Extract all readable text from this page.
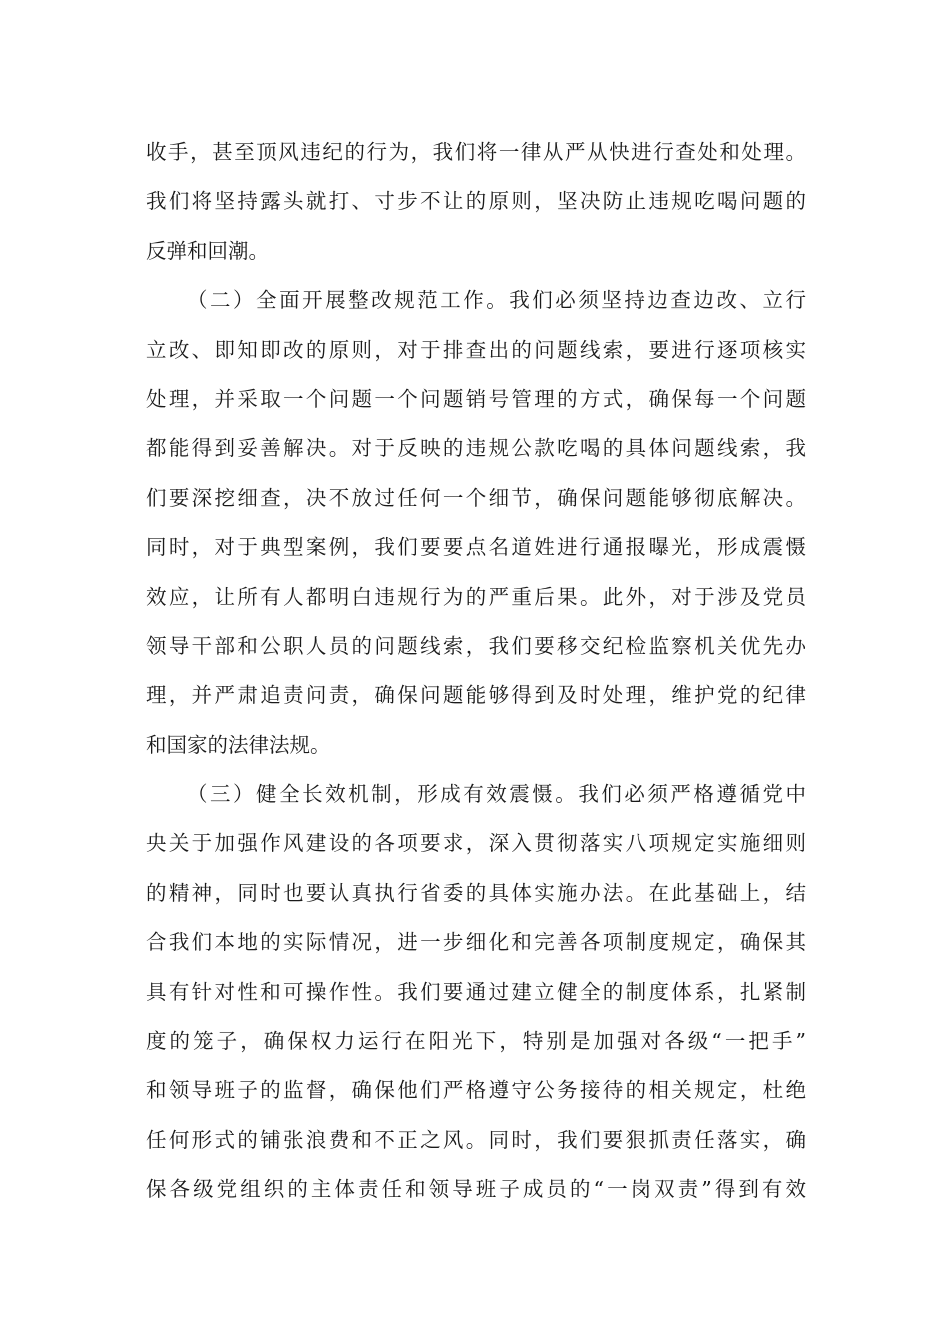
收手，甚至顶风违纪的行为，我们将一律从严从快进行查处和处理。
我们将坚持露头就打、寸步不让的原则，坚决防止违规吃喝问题的
反弹和回潮。
（二）全面开展整改规范工作。我们必须坚持边查边改、立行
立改、即知即改的原则，对于排查出的问题线索，要进行逐项核实
处理，并采取一个问题一个问题销号管理的方式，确保每一个问题
都能得到妥善解决。对于反映的违规公款吃喝的具体问题线索，我
们要深挖细查，决不放过任何一个细节，确保问题能够彻底解决。
同时，对于典型案例，我们要要点名道姓进行通报曝光，形成震慑
效应，让所有人都明白违规行为的严重后果。此外，对于涉及党员
领导干部和公职人员的问题线索，我们要移交纪检监察机关优先办
理，并严肃追责问责，确保问题能够得到及时处理，维护党的纪律
和国家的法律法规。
（三）健全长效机制，形成有效震慑。我们必须严格遵循党中
央关于加强作风建设的各项要求，深入贯彻落实八项规定实施细则
的精神，同时也要认真执行省委的具体实施办法。在此基础上，结
合我们本地的实际情况，进一步细化和完善各项制度规定，确保其
具有针对性和可操作性。我们要通过建立健全的制度体系，扎紧制
度的笼子，确保权力运行在阳光下，特别是加强对各级“一把手”
和领导班子的监督，确保他们严格遵守公务接待的相关规定，杜绝
任何形式的铺张浪费和不正之风。同时，我们要狠抓责任落实，确
保各级党组织的主体责任和领导班子成员的“一岗双责”得到有效
